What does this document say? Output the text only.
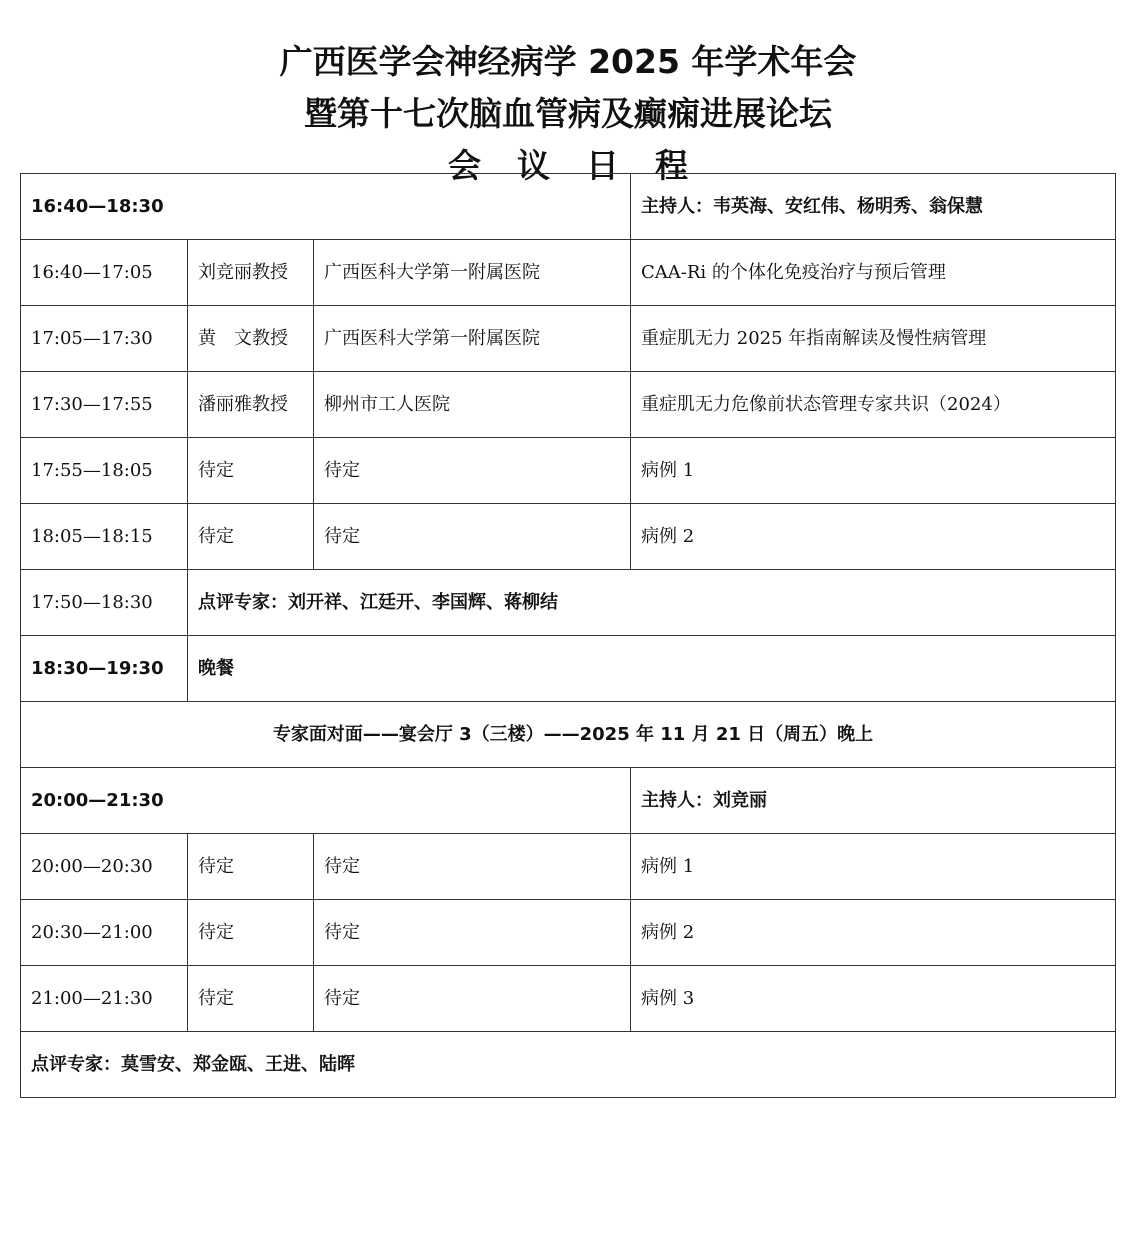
广西医学会神经病学 2025 年学术年会
暨第十七次脑血管病及癫痫进展论坛
会议日程
16:40—18:30			主持人：韦英海、安红伟、杨明秀、翁保慧
16:40—17:05	刘竞丽教授	广西医科大学第一附属医院	CAA-Ri 的个体化免疫治疗与预后管理
17:05—17:30	黄　文教授	广西医科大学第一附属医院	重症肌无力 2025 年指南解读及慢性病管理
17:30—17:55	潘丽雅教授	柳州市工人医院	重症肌无力危像前状态管理专家共识（2024）
17:55—18:05	待定	待定	病例 1
18:05—18:15	待定	待定	病例 2
17:50—18:30	点评专家：刘开祥、江廷开、李国辉、蒋柳结		
18:30—19:30	晚餐		
专家面对面——宴会厅 3（三楼）——2025 年 11 月 21 日（周五）晚上			
20:00—21:30			主持人：刘竞丽
20:00—20:30	待定	待定	病例 1
20:30—21:00	待定	待定	病例 2
21:00—21:30	待定	待定	病例 3
点评专家：莫雪安、郑金瓯、王进、陆晖			
